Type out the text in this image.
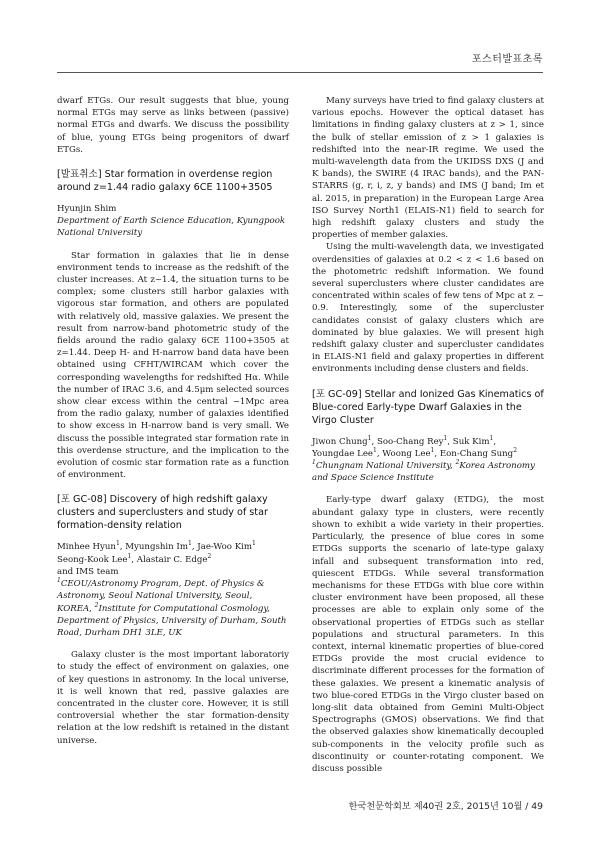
포스터발표초록

dwarf ETGs. Our result suggests that blue, young normal ETGs may serve as links between (passive) normal ETGs and dwarfs. We discuss the possibility of blue, young ETGs being progenitors of dwarf ETGs.

[발표취소] Star formation in overdense region around z=1.44 radio galaxy 6CE 1100+3505

Hyunjin Shim

Department of Earth Science Education, Kyungpook National University

Star formation in galaxies that lie in dense environment tends to increase as the redshift of the cluster increases. At z~1.4, the situation turns to be complex; some clusters still harbor galaxies with vigorous star formation, and others are populated with relatively old, massive galaxies. We present the result from narrow-band photometric study of the fields around the radio galaxy 6CE 1100+3505 at z=1.44. Deep H- and H-narrow band data have been obtained using CFHT/WIRCAM which cover the corresponding wavelengths for redshifted Hα. While the number of IRAC 3.6, and 4.5μm selected sources show clear excess within the central ~1Mpc area from the radio galaxy, number of galaxies identified to show excess in H-narrow band is very small. We discuss the possible integrated star formation rate in this overdense structure, and the implication to the evolution of cosmic star formation rate as a function of environment.

[포 GC-08] Discovery of high redshift galaxy clusters and superclusters and study of star formation-density relation

Minhee Hyun$^1$, Myungshin Im$^1$, Jae-Woo Kim$^1$
Seong-Kook Lee$^1$, Alastair C. Edge$^2$
and IMS team

$^1$CEOU/Astronomy Program, Dept. of Physics & Astronomy, Seoul National University, Seoul, KOREA, $^2$Institute for Computational Cosmology, Department of Physics, University of Durham, South Road, Durham DH1 3LE, UK

Galaxy cluster is the most important laboratoriy to study the effect of environment on galaxies, one of key questions in astronomy. In the local universe, it is well known that red, passive galaxies are concentrated in the cluster core. However, it is still controversial whether the star formation-density relation at the low redshift is retained in the distant universe.

Many surveys have tried to find galaxy clusters at various epochs. However the optical dataset has limitations in finding galaxy clusters at z > 1, since the bulk of stellar emission of z > 1 galaxies is redshifted into the near-IR regime. We used the multi-wavelength data from the UKIDSS DXS (J and K bands), the SWIRE (4 IRAC bands), and the PAN-STARRS (g, r, i, z, y bands) and IMS (J band; Im et al. 2015, in preparation) in the European Large Area ISO Survey North1 (ELAIS-N1) field to search for high redshift galaxy clusters and study the properties of member galaxies.

Using the multi-wavelength data, we investigated overdensities of galaxies at 0.2 < z < 1.6 based on the photometric redshift information. We found several superclusters where cluster candidates are concentrated within scales of few tens of Mpc at z ~ 0.9. Interestingly, some of the supercluster candidates consist of galaxy clusters which are dominated by blue galaxies. We will present high redshift galaxy cluster and supercluster candidates in ELAIS-N1 field and galaxy properties in different environments including dense clusters and fields.

[포 GC-09] Stellar and Ionized Gas Kinematics of Blue-cored Early-type Dwarf Galaxies in the Virgo Cluster

Jiwon Chung$^1$, Soo-Chang Rey$^1$, Suk Kim$^1$,
Youngdae Lee$^1$, Woong Lee$^1$, Eon-Chang Sung$^2$

$^1$Chungnam National University, $^2$Korea Astronomy and Space Science Institute

Early-type dwarf galaxy (ETDG), the most abundant galaxy type in clusters, were recently shown to exhibit a wide variety in their properties. Particularly, the presence of blue cores in some ETDGs supports the scenario of late-type galaxy infall and subsequent transformation into red, quiescent ETDGs. While several transformation mechanisms for these ETDGs with blue core within cluster environment have been proposed, all these processes are able to explain only some of the observational properties of ETDGs such as stellar populations and structural parameters. In this context, internal kinematic properties of blue-cored ETDGs provide the most crucial evidence to discriminate different processes for the formation of these galaxies. We present a kinematic analysis of two blue-cored ETDGs in the Virgo cluster based on long-slit data obtained from Gemini Multi-Object Spectrographs (GMOS) observations. We find that the observed galaxies show kinematically decoupled sub-components in the velocity profile such as discontinuity or counter-rotating component. We discuss possible

한국천문학회보 제40권 2호, 2015년 10월 / 49
